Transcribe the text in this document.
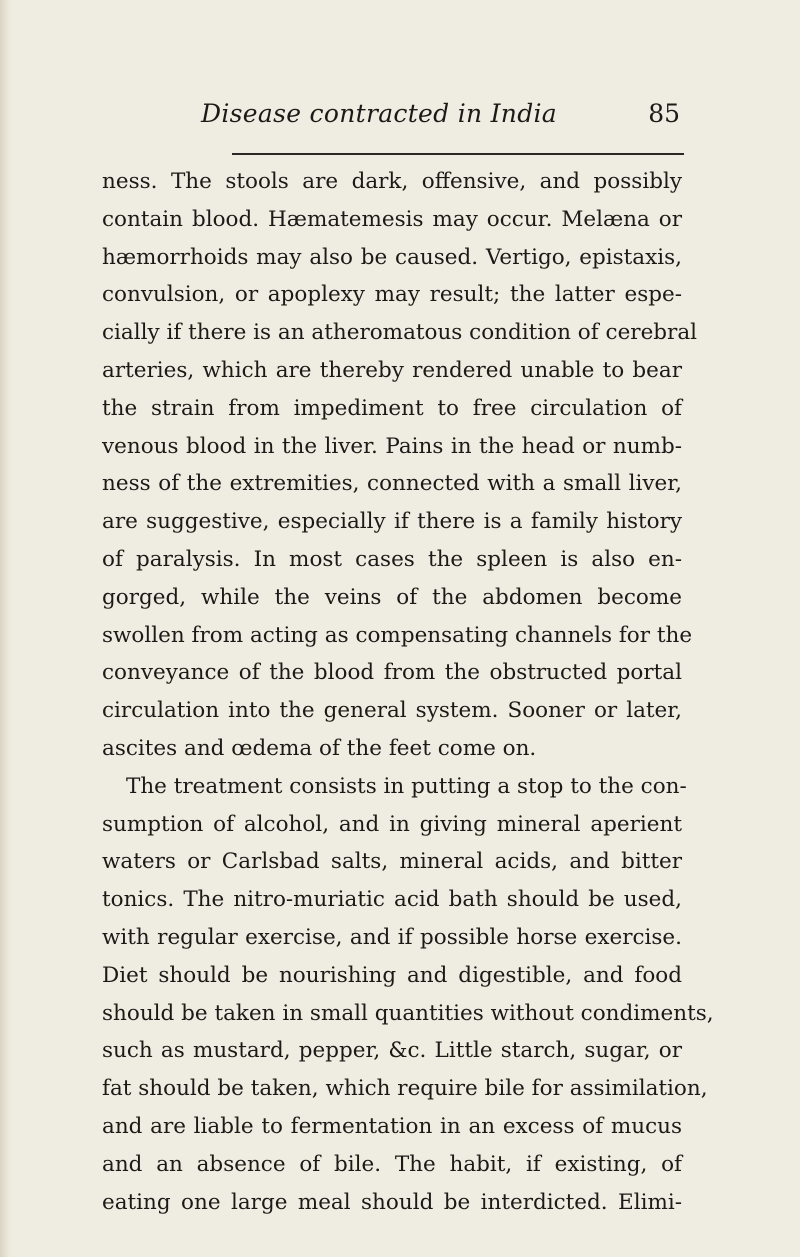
Disease contracted in India	85
ness. The stools are dark, offensive, and possibly
contain blood. Hæmatemesis may occur. Melæna or
hæmorrhoids may also be caused. Vertigo, epistaxis,
convulsion, or apoplexy may result; the latter espe-
cially if there is an atheromatous condition of cerebral
arteries, which are thereby rendered unable to bear
the strain from impediment to free circulation of
venous blood in the liver. Pains in the head or numb-
ness of the extremities, connected with a small liver,
are suggestive, especially if there is a family history
of paralysis. In most cases the spleen is also en-
gorged, while the veins of the abdomen become
swollen from acting as compensating channels for the
conveyance of the blood from the obstructed portal
circulation into the general system. Sooner or later,
ascites and œdema of the feet come on.
The treatment consists in putting a stop to the con-
sumption of alcohol, and in giving mineral aperient
waters or Carlsbad salts, mineral acids, and bitter
tonics. The nitro-muriatic acid bath should be used,
with regular exercise, and if possible horse exercise.
Diet should be nourishing and digestible, and food
should be taken in small quantities without condiments,
such as mustard, pepper, &c. Little starch, sugar, or
fat should be taken, which require bile for assimilation,
and are liable to fermentation in an excess of mucus
and an absence of bile. The habit, if existing, of
eating one large meal should be interdicted. Elimi-
